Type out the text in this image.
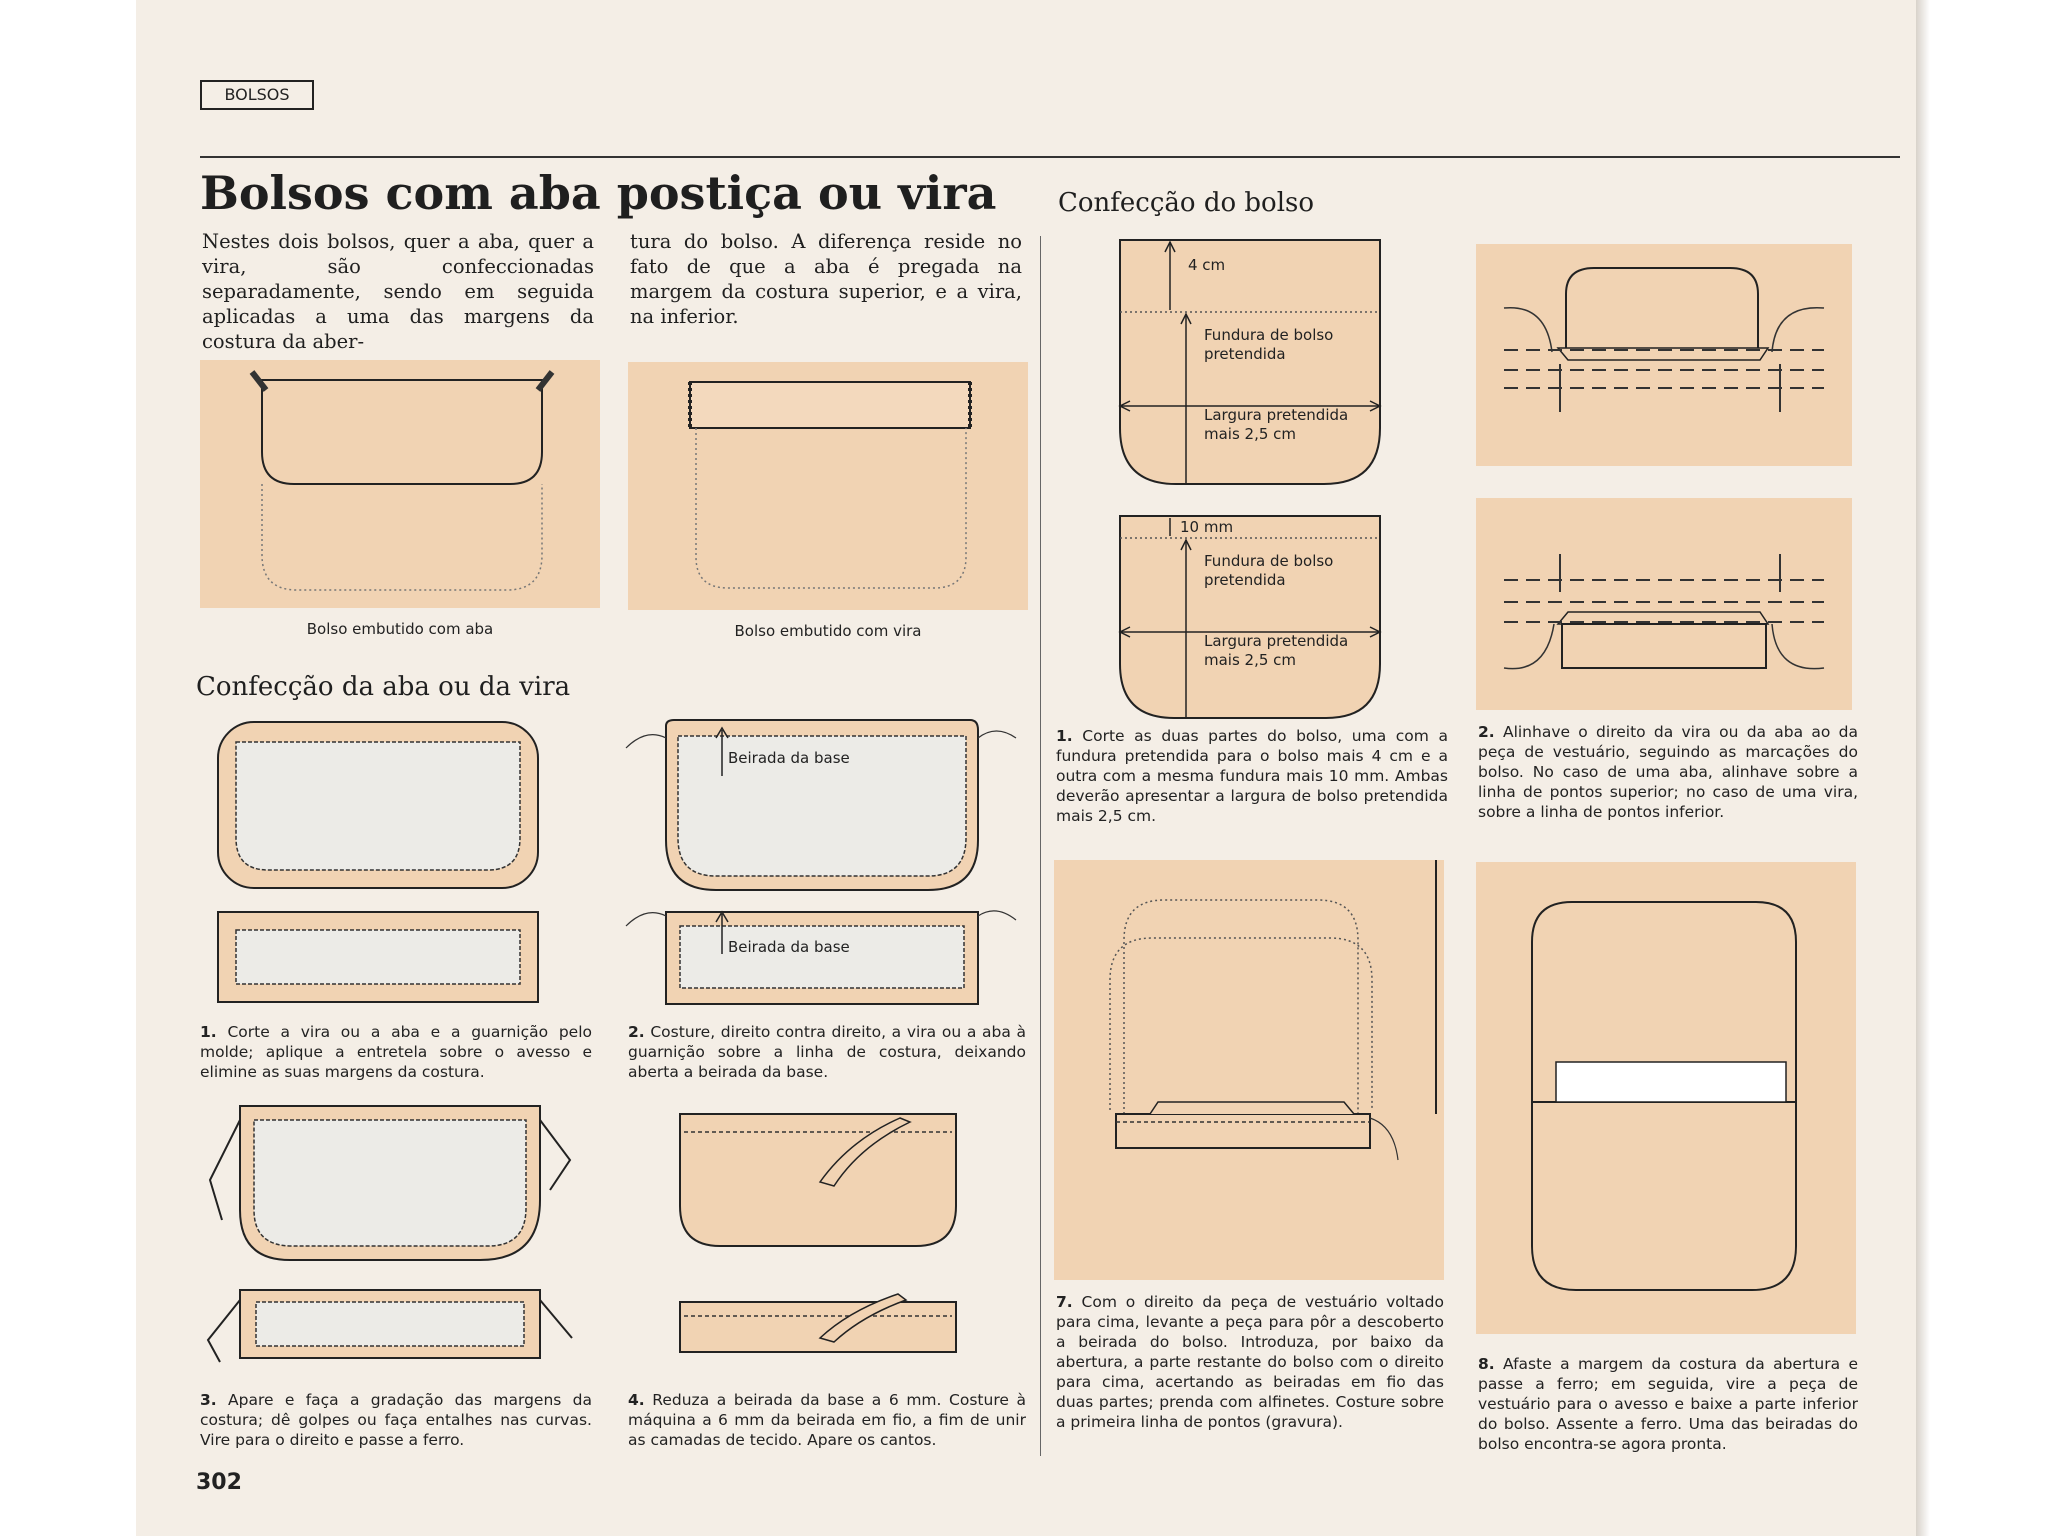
BOLSOS
Bolsos com aba postiça ou vira
Nestes dois bolsos, quer a aba, quer a vira, são confeccionadas separadamente, sendo em seguida aplicadas a uma das margens da costura da aber-
tura do bolso. A diferença reside no fato de que a aba é pregada na margem da costura superior, e a vira, na inferior.
Bolso embutido com aba	Bolso embutido com vira
Confecção da aba ou da vira
Beirada da base
Beirada da base
1. Corte a vira ou a aba e a guarnição pelo molde; aplique a entretela sobre o avesso e elimine as suas margens da costura.
2. Costure, direito contra direito, a vira ou a aba à guarnição sobre a linha de costura, deixando aberta a beirada da base.
3. Apare e faça a gradação das margens da costura; dê golpes ou faça entalhes nas curvas. Vire para o direito e passe a ferro.
4. Reduza a beirada da base a 6 mm. Costure à máquina a 6 mm da beirada em fio, a fim de unir as camadas de tecido. Apare os cantos.
302
Confecção do bolso
4 cm
Fundura de bolso pretendida
Largura pretendida mais 2,5 cm
10 mm
Fundura de bolso pretendida
Largura pretendida mais 2,5 cm
1. Corte as duas partes do bolso, uma com a fundura pretendida para o bolso mais 4 cm e a outra com a mesma fundura mais 10 mm. Ambas deverão apresentar a largura de bolso pretendida mais 2,5 cm.
2. Alinhave o direito da vira ou da aba ao da peça de vestuário, seguindo as marcações do bolso. No caso de uma aba, alinhave sobre a linha de pontos superior; no caso de uma vira, sobre a linha de pontos inferior.
7. Com o direito da peça de vestuário voltado para cima, levante a peça para pôr a descoberto a beirada do bolso. Introduza, por baixo da abertura, a parte restante do bolso com o direito para cima, acertando as beiradas em fio das duas partes; prenda com alfinetes. Costure sobre a primeira linha de pontos (gravura).
8. Afaste a margem da costura da abertura e passe a ferro; em seguida, vire a peça de vestuário para o avesso e baixe a parte inferior do bolso. Assente a ferro. Uma das beiradas do bolso encontra-se agora pronta.
